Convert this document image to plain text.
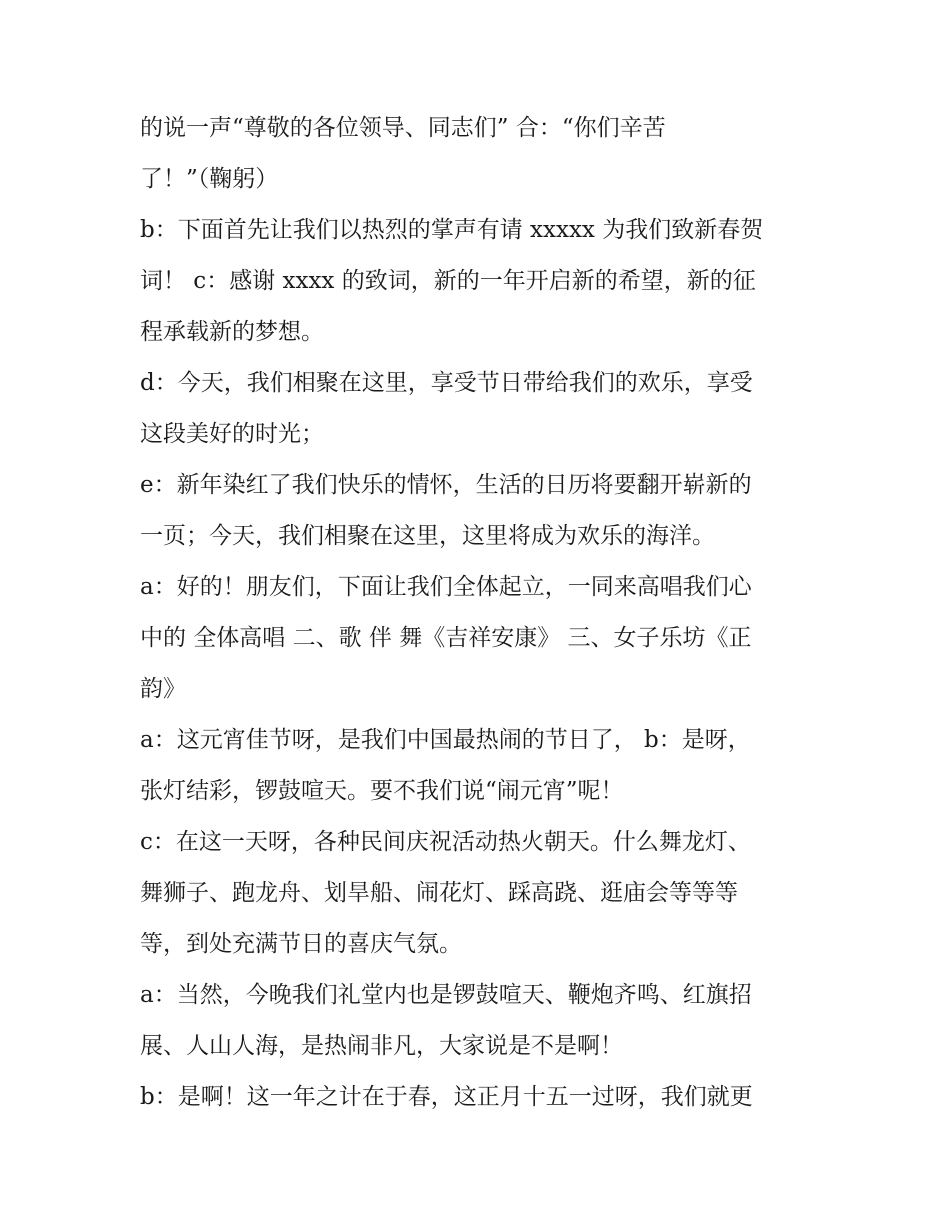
的说一声“尊敬的各位领导、同志们” 合：“你们辛苦
了！”（鞠躬）
b：下面首先让我们以热烈的掌声有请 xxxxx 为我们致新春贺
词！ c：感谢 xxxx 的致词，新的一年开启新的希望，新的征
程承载新的梦想。
d：今天，我们相聚在这里，享受节日带给我们的欢乐，享受
这段美好的时光；
e：新年染红了我们快乐的情怀，生活的日历将要翻开崭新的
一页；今天，我们相聚在这里，这里将成为欢乐的海洋。
a：好的！朋友们，下面让我们全体起立，一同来高唱我们心
中的 全体高唱 二、歌 伴 舞《吉祥安康》 三、女子乐坊《正
韵》
a：这元宵佳节呀，是我们中国最热闹的节日了， b：是呀，
张灯结彩，锣鼓喧天。要不我们说“闹元宵”呢！
c：在这一天呀，各种民间庆祝活动热火朝天。什么舞龙灯、
舞狮子、跑龙舟、划旱船、闹花灯、踩高跷、逛庙会等等等
等，到处充满节日的喜庆气氛。
a：当然，今晚我们礼堂内也是锣鼓喧天、鞭炮齐鸣、红旗招
展、人山人海，是热闹非凡，大家说是不是啊！
b：是啊！这一年之计在于春，这正月十五一过呀，我们就更
